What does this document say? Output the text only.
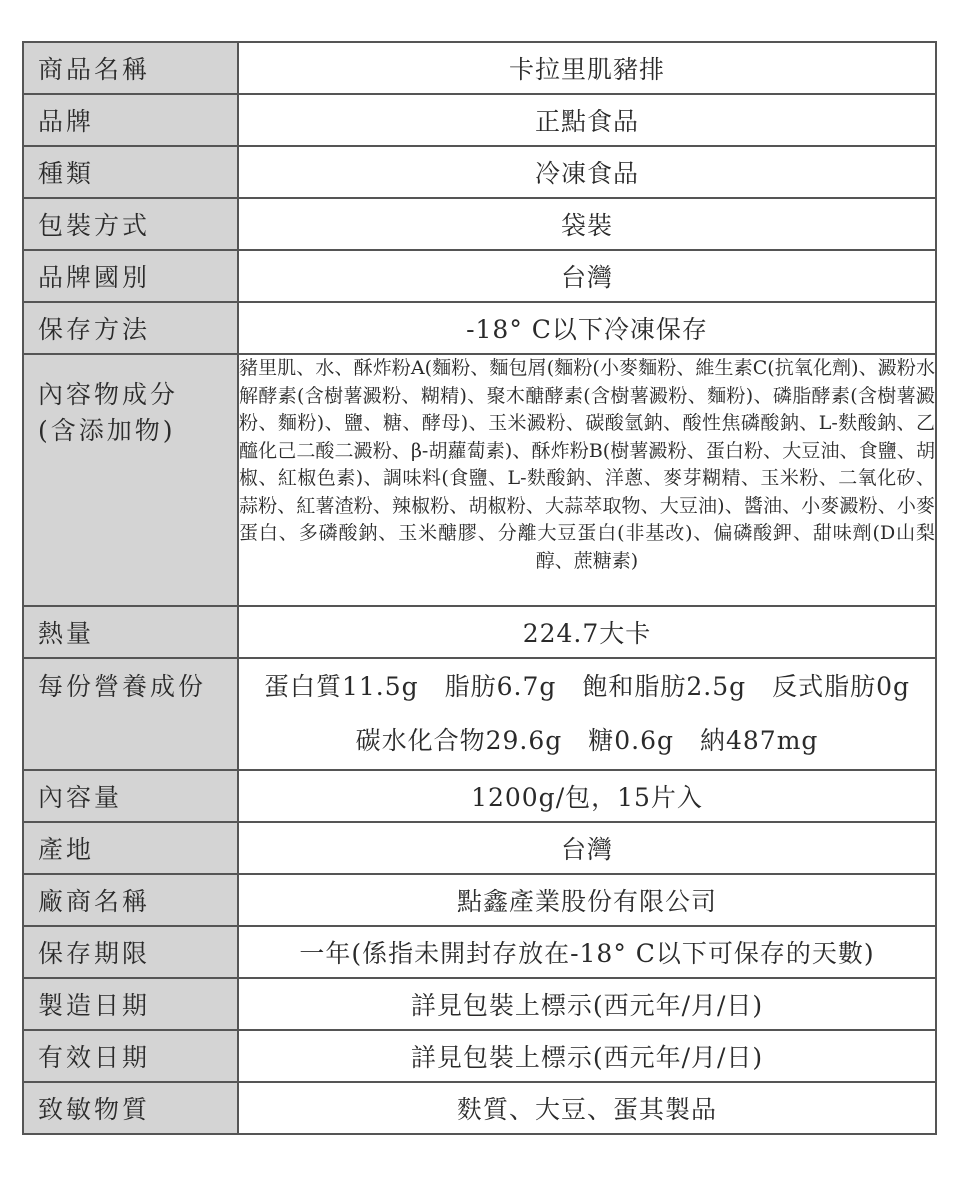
商品名稱	卡拉里肌豬排
品牌	正點食品
種類	冷凍食品
包裝方式	袋裝
品牌國別	台灣
保存方法	-18° C以下冷凍保存

內容物成分
(含添加物)	豬里肌、水、酥炸粉A(麵粉、麵包屑(麵粉(小麥麵粉、維生素C(抗氧化劑)、澱粉水解酵素(含樹薯澱粉、糊精)、聚木醣酵素(含樹薯澱粉、麵粉)、磷脂酵素(含樹薯澱粉、麵粉)、鹽、糖、酵母)、玉米澱粉、碳酸氫鈉、酸性焦磷酸鈉、L-麩酸鈉、乙醯化己二酸二澱粉、β-胡蘿蔔素)、酥炸粉B(樹薯澱粉、蛋白粉、大豆油、食鹽、胡椒、紅椒色素)、調味料(食鹽、L-麩酸鈉、洋蔥、麥芽糊精、玉米粉、二氧化矽、蒜粉、紅薯渣粉、辣椒粉、胡椒粉、大蒜萃取物、大豆油)、醬油、小麥澱粉、小麥蛋白、多磷酸鈉、玉米醣膠、分離大豆蛋白(非基改)、偏磷酸鉀、甜味劑(D山梨醇、蔗糖素)
熱量	224.7大卡
每份營養成份	蛋白質11.5g　脂肪6.7g　飽和脂肪2.5g　反式脂肪0g
碳水化合物29.6g　糖0.6g　納487mg

內容量	1200g/包，15片入
產地	台灣
廠商名稱	點鑫產業股份有限公司
保存期限	一年(係指未開封存放在-18° C以下可保存的天數)
製造日期	詳見包裝上標示(西元年/月/日)
有效日期	詳見包裝上標示(西元年/月/日)
致敏物質	麩質、大豆、蛋其製品
